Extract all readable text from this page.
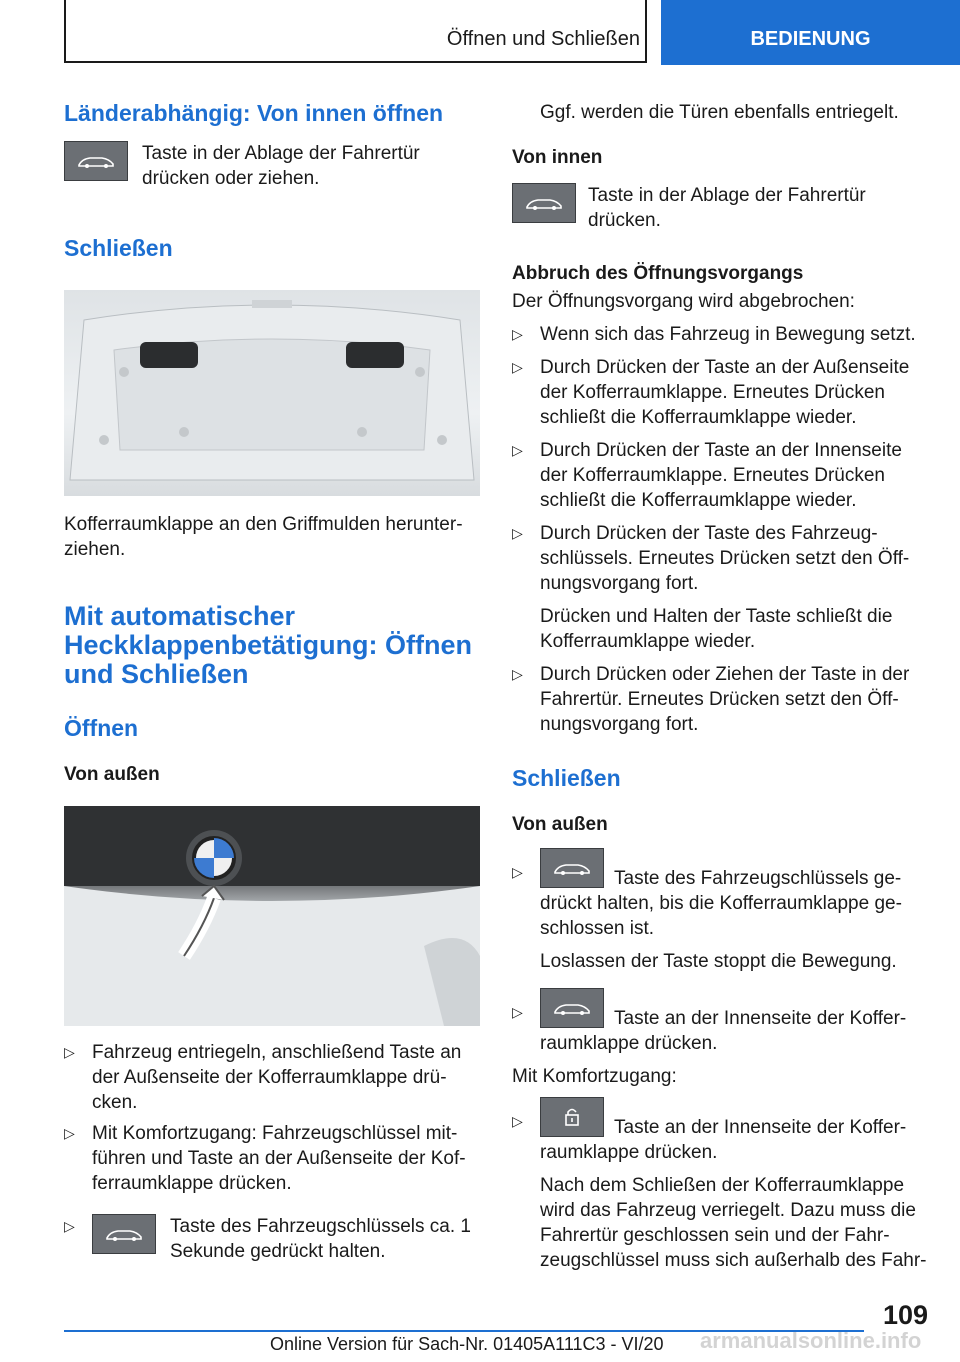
Öffnen und Schließen	BEDIENUNG
Länderabhängig: Von innen öffnen

Taste in der Ablage der Fahrertür drücken oder ziehen.

Schließen

Kofferraumklappe an den Griffmulden herunter-ziehen.

Mit automatischer Heckklappenbetätigung: Öffnen und Schließen
Öffnen
Von außen
▷ Fahrzeug entriegeln, anschließend Taste an der Außenseite der Kofferraumklappe drü-cken.

▷ Mit Komfortzugang: Fahrzeugschlüssel mit-führen und Taste an der Außenseite der Kof-ferraumklappe drücken.

▷	Taste des Fahrzeugschlüssels ca. 1 Sekunde gedrückt halten.

Ggf. werden die Türen ebenfalls entriegelt.

Von innen

Taste in der Ablage der Fahrertür drücken.

Abbruch des Öffnungsvorgangs

Der Öffnungsvorgang wird abgebrochen:

▷ Wenn sich das Fahrzeug in Bewegung setzt.

▷ Durch Drücken der Taste an der Außenseite der Kofferraumklappe. Erneutes Drücken schließt die Kofferraumklappe wieder.

▷ Durch Drücken der Taste an der Innenseite der Kofferraumklappe. Erneutes Drücken schließt die Kofferraumklappe wieder.

▷ Durch Drücken der Taste des Fahrzeug-schlüssels. Erneutes Drücken setzt den Öff-nungsvorgang fort.

Drücken und Halten der Taste schließt die Kofferraumklappe wieder.

▷ Durch Drücken oder Ziehen der Taste in der Fahrertür. Erneutes Drücken setzt den Öff-nungsvorgang fort.

Schließen
Von außen
▷	Taste des Fahrzeugschlüssels ge-drückt halten, bis die Kofferraumklappe ge-schlossen ist.

Loslassen der Taste stoppt die Bewegung.

▷	Taste an der Innenseite der Koffer-raumklappe drücken.

Mit Komfortzugang:

▷	Taste an der Innenseite der Koffer-raumklappe drücken.

Nach dem Schließen der Kofferraumklappe wird das Fahrzeug verriegelt. Dazu muss die Fahrertür geschlossen sein und der Fahr-zeugschlüssel muss sich außerhalb des Fahr-

109
Online Version für Sach-Nr. 01405A111C3 - VI/20 armanualsonline.info
